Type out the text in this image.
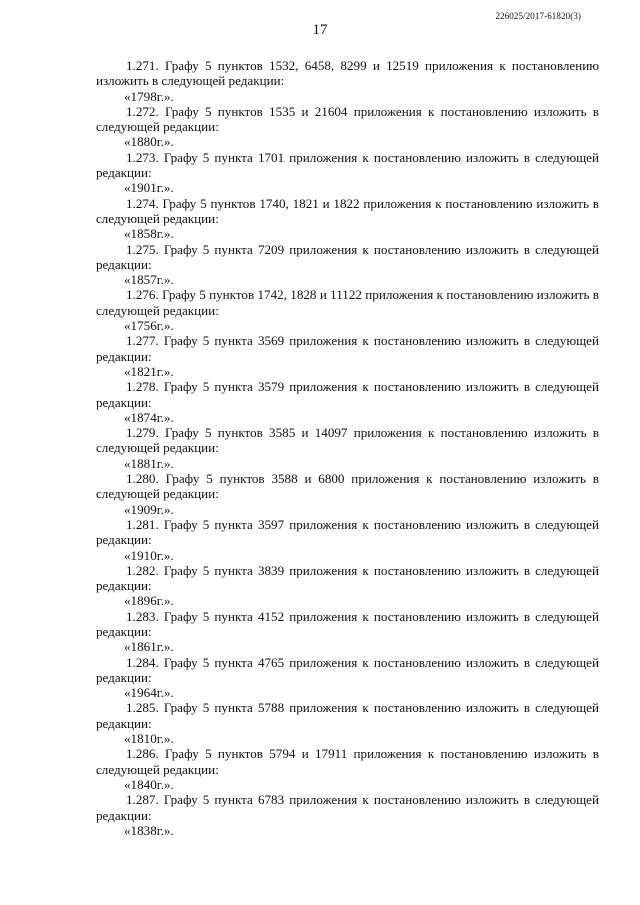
17
226025/2017-61820(3)

1.271. Графу 5 пунктов 1532, 6458, 8299 и 12519 приложения к постановлению изложить в следующей редакции:

«1798г.».

1.272. Графу 5 пунктов 1535 и 21604 приложения к постановлению изложить в следующей редакции:

«1880г.».

1.273. Графу 5 пункта 1701 приложения к постановлению изложить в следующей редакции:

«1901г.».

1.274. Графу 5 пунктов 1740, 1821 и 1822 приложения к постановлению изложить в следующей редакции:

«1858г.».

1.275. Графу 5 пункта 7209 приложения к постановлению изложить в следующей редакции:

«1857г.».

1.276. Графу 5 пунктов 1742, 1828 и 11122 приложения к постановлению изложить в следующей редакции:

«1756г.».

1.277. Графу 5 пункта 3569 приложения к постановлению изложить в следующей редакции:

«1821г.».

1.278. Графу 5 пункта 3579 приложения к постановлению изложить в следующей редакции:

«1874г.».

1.279. Графу 5 пунктов 3585 и 14097 приложения к постановлению изложить в следующей редакции:

«1881г.».

1.280. Графу 5 пунктов 3588 и 6800 приложения к постановлению изложить в следующей редакции:

«1909г.».

1.281. Графу 5 пункта 3597 приложения к постановлению изложить в следующей редакции:

«1910г.».

1.282. Графу 5 пункта 3839 приложения к постановлению изложить в следующей редакции:

«1896г.».

1.283. Графу 5 пункта 4152 приложения к постановлению изложить в следующей редакции:

«1861г.».

1.284. Графу 5 пункта 4765 приложения к постановлению изложить в следующей редакции:

«1964г.».

1.285. Графу 5 пункта 5788 приложения к постановлению изложить в следующей редакции:

«1810г.».

1.286. Графу 5 пунктов 5794 и 17911 приложения к постановлению изложить в следующей редакции:

«1840г.».

1.287. Графу 5 пункта 6783 приложения к постановлению изложить в следующей редакции:

«1838г.».
